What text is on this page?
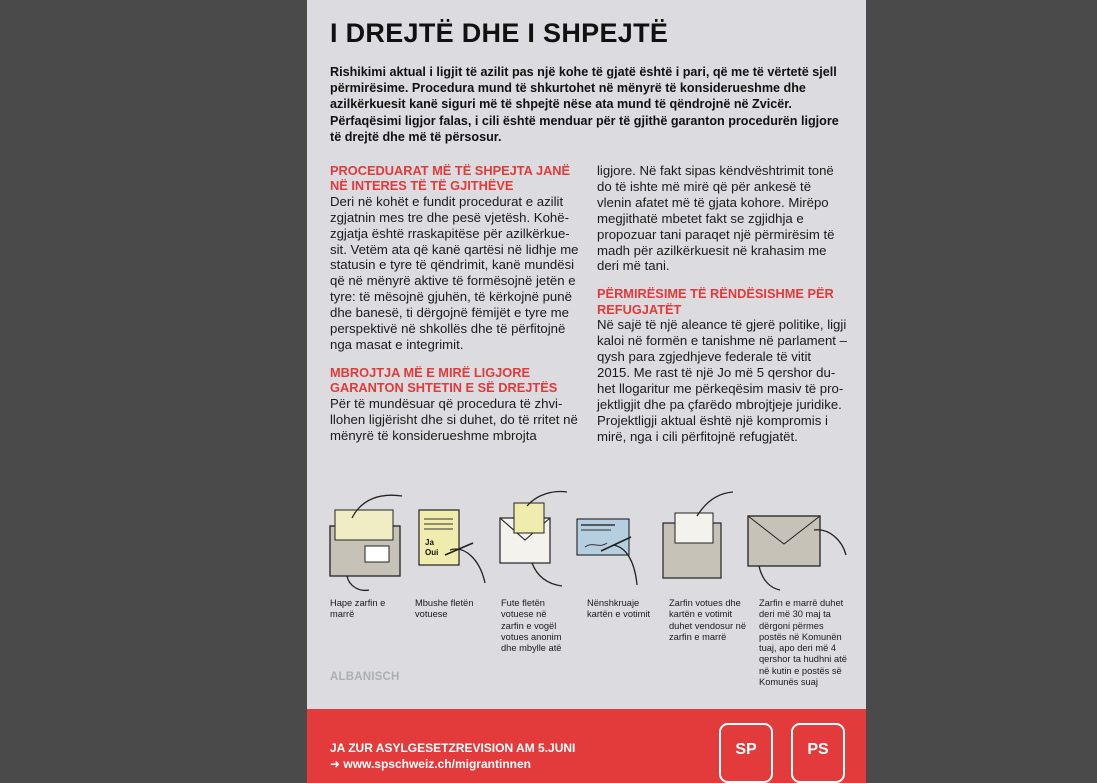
I DREJTË DHE I SHPEJTË
Rishikimi aktual i ligjit të azilit pas një kohe të gjatë është i pari, që me të vërtetë sjell përmirësime. Procedura mund të shkurtohet në mënyrë të konsiderueshme dhe azilkërkuesit kanë siguri më të shpejtë nëse ata mund të qëndrojnë në Zvicër. Përfaqësimi ligjor falas, i cili është menduar për të gjithë garanton procedurën ligjore të drejtë dhe më të përsosur.
PROCEDUARAT MË TË SHPEJTA JANË NË INTERES TË TË GJITHËVE

Deri në kohët e fundit procedurat e azilit zgjatnin mes tre dhe pesë vjetësh. Kohë-zgjatja është rraskapitëse për azilkërkue-sit. Vetëm ata që kanë qartësi në lidhje me statusin e tyre të qëndrimit, kanë mundësi që në mënyrë aktive të formësojnë jetën e tyre: të mësojnë gjuhën, të kërkojnë punë dhe banesë, ti dërgojnë fëmijët e tyre me perspektivë në shkollës dhe të përfitojnë nga masat e integrimit.

MBROJTJA MË E MIRË LIGJORE GARANTON SHTETIN E SË DREJTËS

Për të mundësuar që procedura të zhvi-llohen ligjërisht dhe si duhet, do të rritet në mënyrë të konsiderueshme mbrojta

ligjore. Në fakt sipas këndvështrimit tonë do të ishte më mirë që për ankesë të vlenin afatet më të gjata kohore. Mirëpo megjithatë mbetet fakt se zgjidhja e propozuar tani paraqet një përmirësim të madh për azilkërkuesit në krahasim me deri më tani.

PËRMIRËSIME TË RËNDËSISHME PËR REFUGJATËT

Në sajë të një aleance të gjerë politike, ligji kaloi në formën e tanishme në parlament – qysh para zgjedhjeve federale të vitit 2015. Me rast të një Jo më 5 qershor du-het llogaritur me përkeqësim masiv të pro-jektligjit dhe pa çfarëdo mbrojtjeje juridike. Projektligji aktual është një kompromis i mirë, nga i cili përfitojnë refugjatët.

Ja
Oui
Hape zarfin e marrë
Mbushe fletën votuese
Fute fletën votuese në zarfin e vogël votues anonim dhe mbylle atë
Nënshkruaje kartën e votimit
Zarfin votues dhe kartën e votimit duhet vendosur në zarfin e marrë
Zarfin e marrë duhet deri më 30 maj ta dërgoni përmes postës në Komunën tuaj, apo deri më 4 qershor ta hudhni atë në kutin e postës së Komunës suaj
ALBANISCH
JA ZUR ASYLGESETZREVISION AM 5.JUNI
➜ www.spschweiz.ch/migrantinnen
SP	PS
